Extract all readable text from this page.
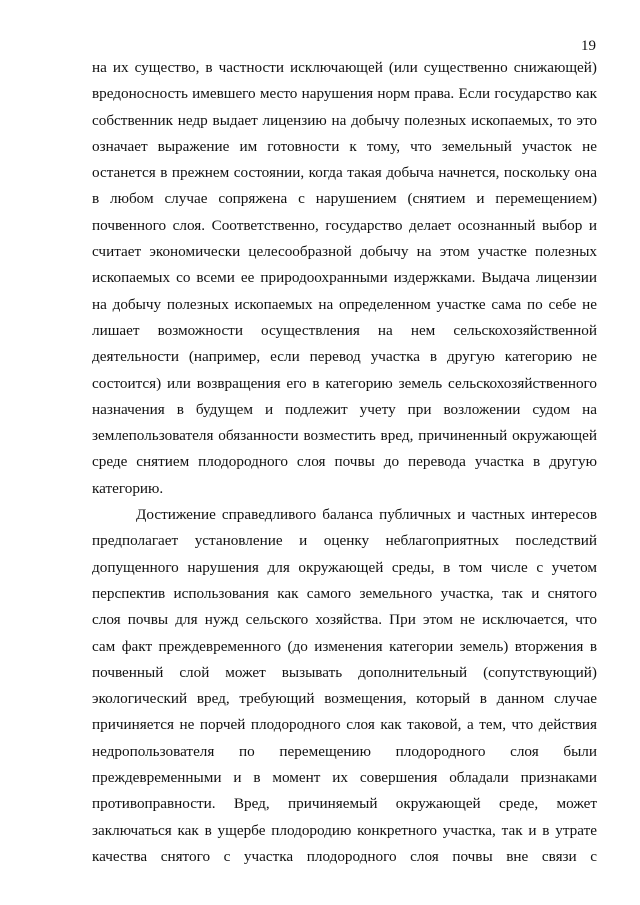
19
на их существо, в частности исключающей (или существенно снижающей)
вредоносность имевшего место нарушения норм права. Если государство как
собственник недр выдает лицензию на добычу полезных ископаемых, то это
означает выражение им готовности к тому, что земельный участок не
останется в прежнем состоянии, когда такая добыча начнется, поскольку она
в любом случае сопряжена с нарушением (снятием и перемещением)
почвенного слоя. Соответственно, государство делает осознанный выбор и
считает экономически целесообразной добычу на этом участке полезных
ископаемых со всеми ее природоохранными издержками. Выдача лицензии
на добычу полезных ископаемых на определенном участке сама по себе не
лишает возможности осуществления на нем сельскохозяйственной
деятельности (например, если перевод участка в другую категорию не
состоится) или возвращения его в категорию земель сельскохозяйственного
назначения в будущем и подлежит учету при возложении судом на
землепользователя обязанности возместить вред, причиненный окружающей
среде снятием плодородного слоя почвы до перевода участка в другую
категорию.
Достижение справедливого баланса публичных и частных интересов
предполагает установление и оценку неблагоприятных последствий
допущенного нарушения для окружающей среды, в том числе с учетом
перспектив использования как самого земельного участка, так и снятого
слоя почвы для нужд сельского хозяйства. При этом не исключается, что
сам факт преждевременного (до изменения категории земель) вторжения в
почвенный слой может вызывать дополнительный (сопутствующий)
экологический вред, требующий возмещения, который в данном случае
причиняется не порчей плодородного слоя как таковой, а тем, что действия
недропользователя по перемещению плодородного слоя были
преждевременными и в момент их совершения обладали признаками
противоправности. Вред, причиняемый окружающей среде, может
заключаться как в ущербе плодородию конкретного участка, так и в утрате
качества снятого с участка плодородного слоя почвы вне связи с
